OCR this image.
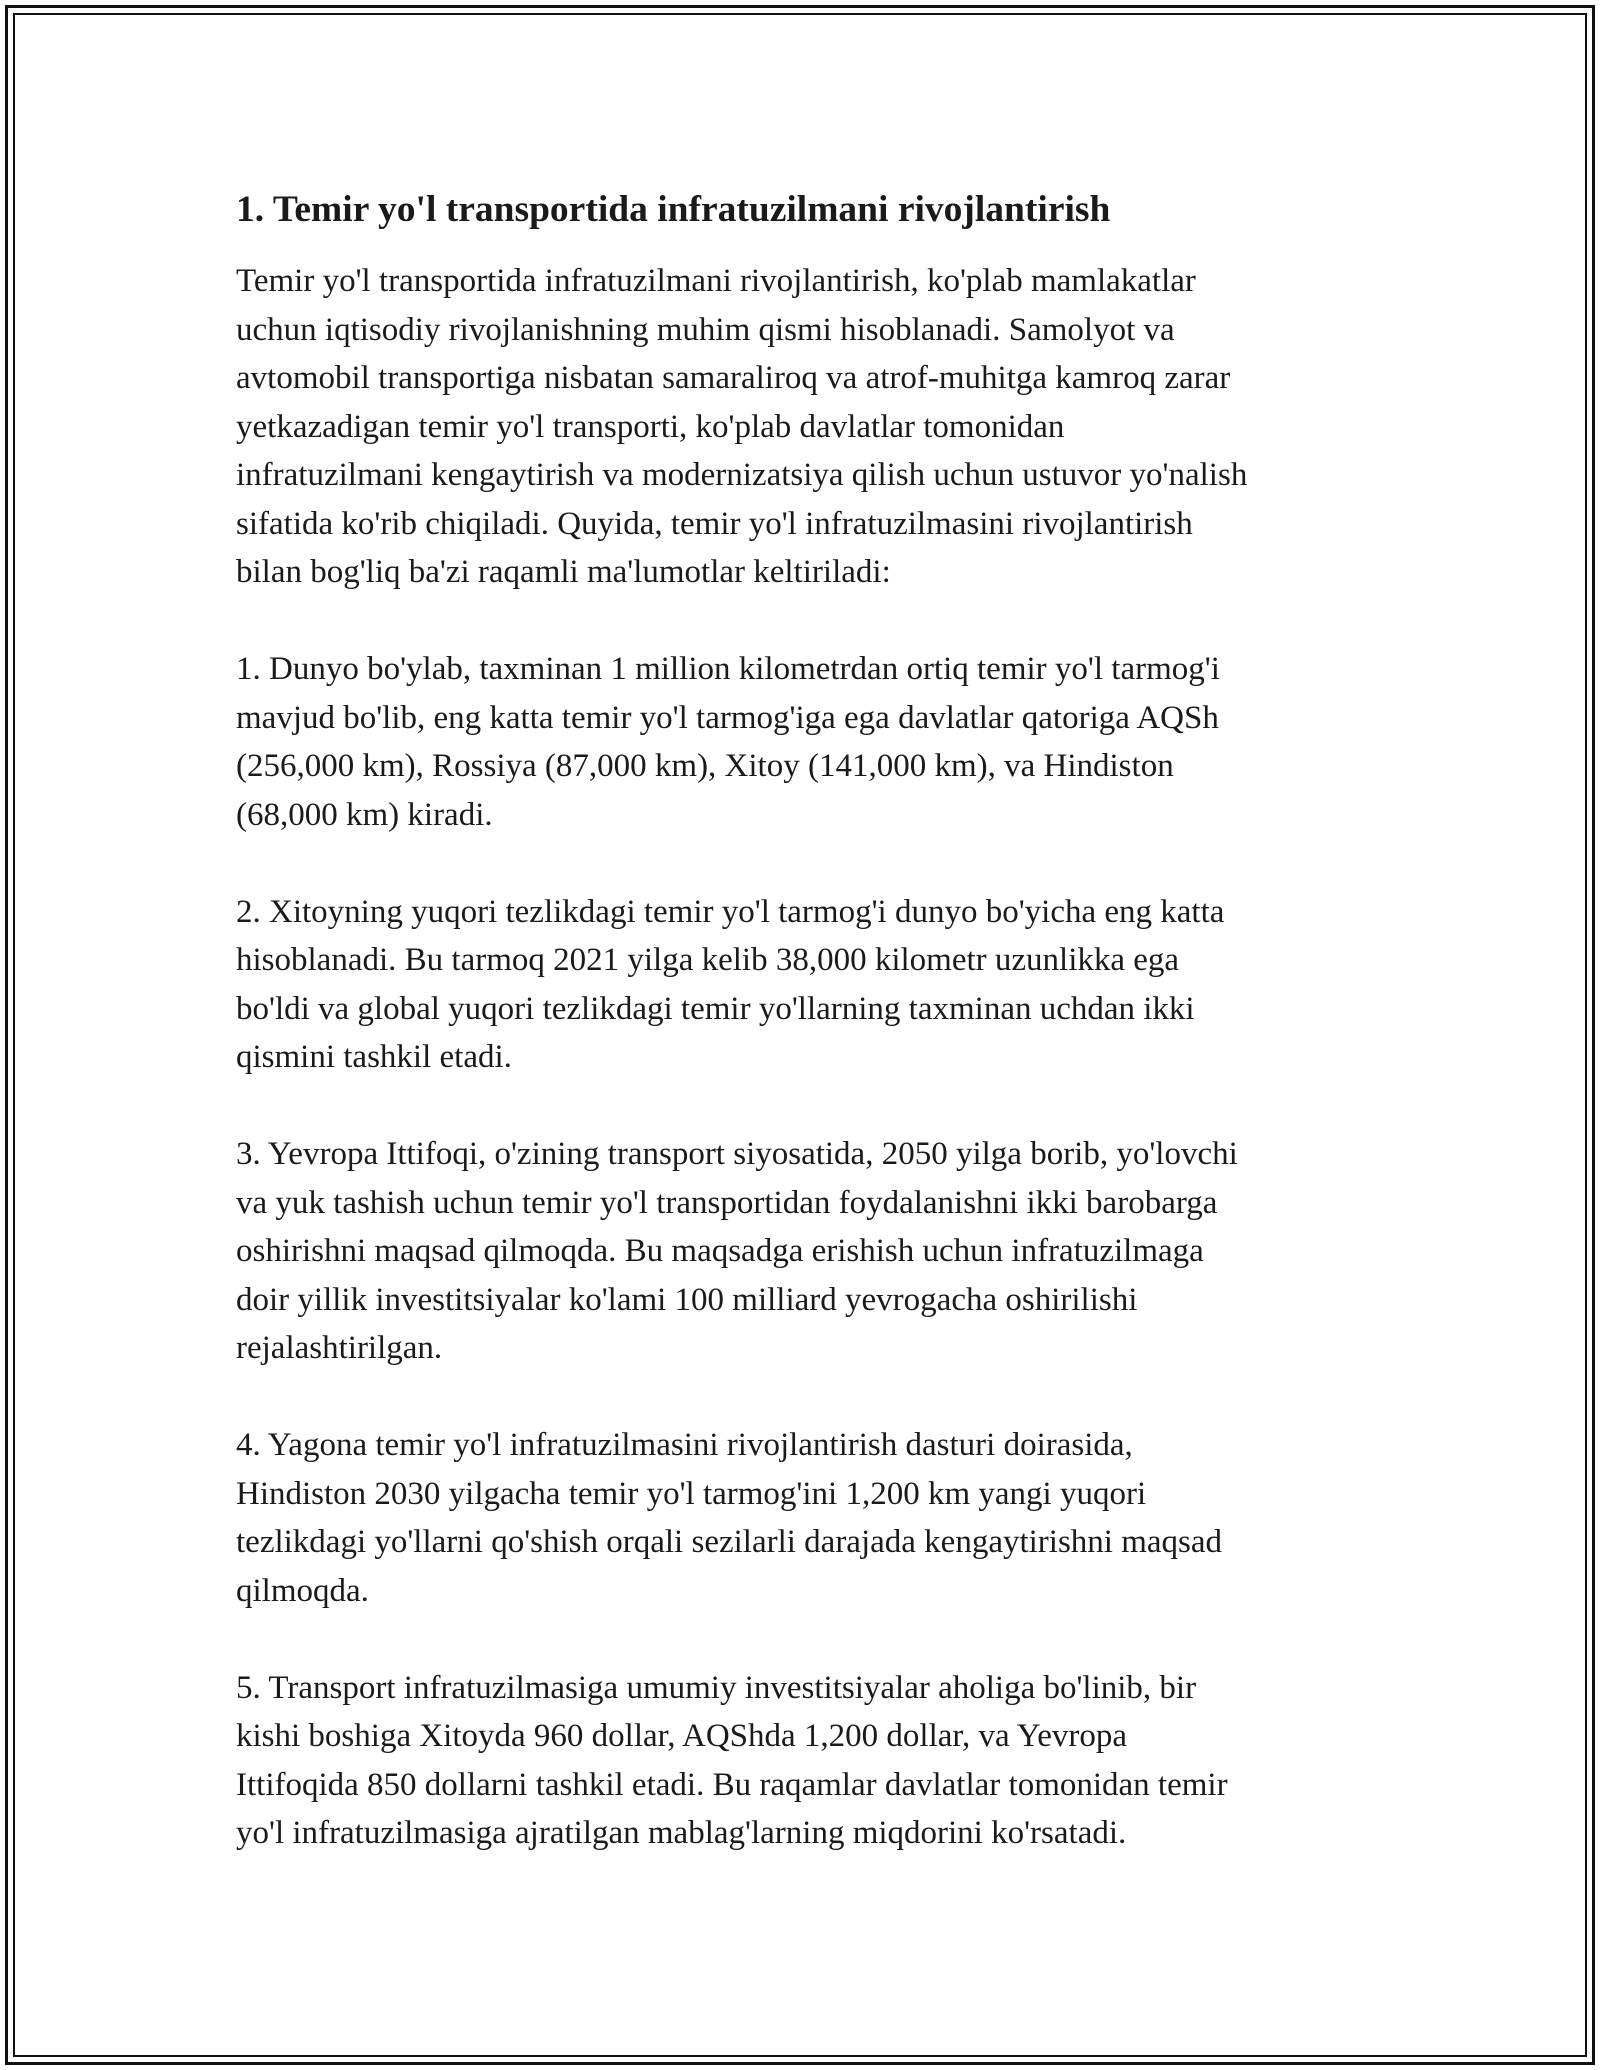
1. Temir yo'l transportida infratuzilmani rivojlantirish

Temir yo'l transportida infratuzilmani rivojlantirish, ko'plab mamlakatlar
uchun iqtisodiy rivojlanishning muhim qismi hisoblanadi. Samolyot va
avtomobil transportiga nisbatan samaraliroq va atrof-muhitga kamroq zarar
yetkazadigan temir yo'l transporti, ko'plab davlatlar tomonidan
infratuzilmani kengaytirish va modernizatsiya qilish uchun ustuvor yo'nalish
sifatida ko'rib chiqiladi. Quyida, temir yo'l infratuzilmasini rivojlantirish
bilan bog'liq ba'zi raqamli ma'lumotlar keltiriladi:

1. Dunyo bo'ylab, taxminan 1 million kilometrdan ortiq temir yo'l tarmog'i
mavjud bo'lib, eng katta temir yo'l tarmog'iga ega davlatlar qatoriga AQSh
(256,000 km), Rossiya (87,000 km), Xitoy (141,000 km), va Hindiston
(68,000 km) kiradi.

2. Xitoyning yuqori tezlikdagi temir yo'l tarmog'i dunyo bo'yicha eng katta
hisoblanadi. Bu tarmoq 2021 yilga kelib 38,000 kilometr uzunlikka ega
bo'ldi va global yuqori tezlikdagi temir yo'llarning taxminan uchdan ikki
qismini tashkil etadi.

3. Yevropa Ittifoqi, o'zining transport siyosatida, 2050 yilga borib, yo'lovchi
va yuk tashish uchun temir yo'l transportidan foydalanishni ikki barobarga
oshirishni maqsad qilmoqda. Bu maqsadga erishish uchun infratuzilmaga
doir yillik investitsiyalar ko'lami 100 milliard yevrogacha oshirilishi
rejalashtirilgan.

4. Yagona temir yo'l infratuzilmasini rivojlantirish dasturi doirasida,
Hindiston 2030 yilgacha temir yo'l tarmog'ini 1,200 km yangi yuqori
tezlikdagi yo'llarni qo'shish orqali sezilarli darajada kengaytirishni maqsad
qilmoqda.

5. Transport infratuzilmasiga umumiy investitsiyalar aholiga bo'linib, bir
kishi boshiga Xitoyda 960 dollar, AQShda 1,200 dollar, va Yevropa
Ittifoqida 850 dollarni tashkil etadi. Bu raqamlar davlatlar tomonidan temir
yo'l infratuzilmasiga ajratilgan mablag'larning miqdorini ko'rsatadi.
